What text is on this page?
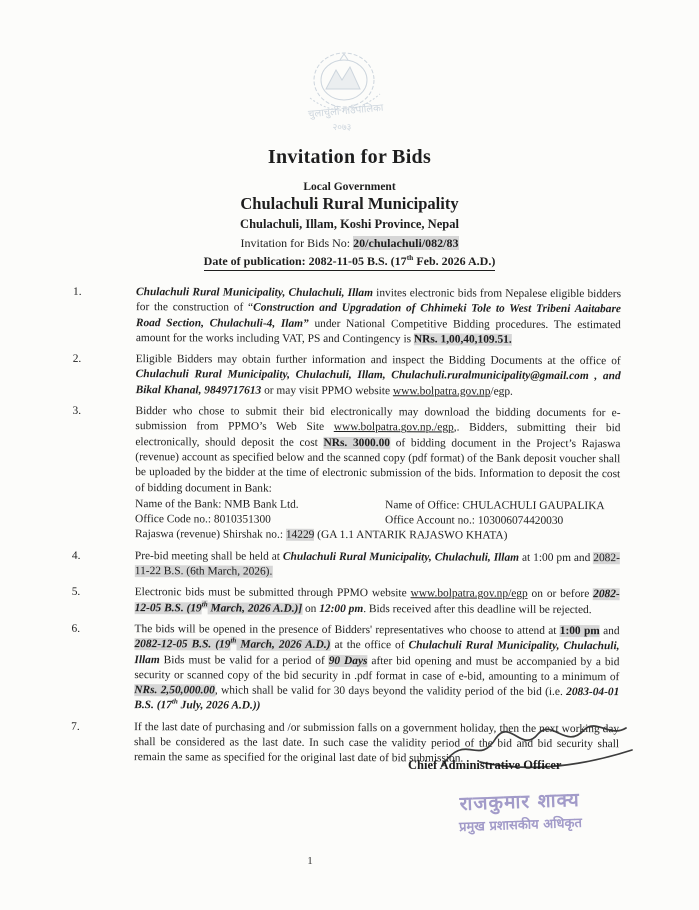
चुलाचुली गाउँपालिका
२०७३
Invitation for Bids
Local Government
Chulachuli Rural Municipality
Chulachuli, Illam, Koshi Province, Nepal
Invitation for Bids No: 20/chulachuli/082/83
Date of publication: 2082-11-05 B.S. (17th Feb. 2026 A.D.)
1.	Chulachuli Rural Municipality, Chulachuli, Illam invites electronic bids from Nepalese eligible bidders for the construction of “Construction and Upgradation of Chhimeki Tole to West Tribeni Aaitabare Road Section, Chulachuli-4, Ilam” under National Competitive Bidding procedures. The estimated amount for the works including VAT, PS and Contingency is NRs. 1,00,40,109.51.
2.	Eligible Bidders may obtain further information and inspect the Bidding Documents at the office of Chulachuli Rural Municipality, Chulachuli, Illam, Chulachuli.ruralmunicipality@gmail.com , and Bikal Khanal, 9849717613 or may visit PPMO website www.bolpatra.gov.np/egp.
3.	Bidder who chose to submit their bid electronically may download the bidding documents for e-submission from PPMO’s Web Site www.bolpatra.gov.np./egp,. Bidders, submitting their bid electronically, should deposit the cost NRs. 3000.00 of bidding document in the Project’s Rajaswa (revenue) account as specified below and the scanned copy (pdf format) of the Bank deposit voucher shall be uploaded by the bidder at the time of electronic submission of the bids. Information to deposit the cost of bidding document in Bank:
Name of the Bank: NMB Bank Ltd.	Name of Office: CHULACHULI GAUPALIKA
Office Code no.: 8010351300	Office Account no.: 103006074420030
Rajaswa (revenue) Shirshak no.: 14229 (GA 1.1 ANTARIK RAJASWO KHATA)
4.	Pre-bid meeting shall be held at Chulachuli Rural Municipality, Chulachuli, Illam at 1:00 pm and 2082-11-22 B.S. (6th March, 2026).
5.	Electronic bids must be submitted through PPMO website www.bolpatra.gov.np/egp on or before 2082-12-05 B.S. (19th March, 2026 A.D.)] on 12:00 pm. Bids received after this deadline will be rejected.
6.	The bids will be opened in the presence of Bidders' representatives who choose to attend at 1:00 pm and 2082-12-05 B.S. (19th March, 2026 A.D.) at the office of Chulachuli Rural Municipality, Chulachuli, Illam Bids must be valid for a period of 90 Days after bid opening and must be accompanied by a bid security or scanned copy of the bid security in .pdf format in case of e-bid, amounting to a minimum of NRs. 2,50,000.00, which shall be valid for 30 days beyond the validity period of the bid (i.e. 2083-04-01 B.S. (17th July, 2026 A.D.))
7.	If the last date of purchasing and /or submission falls on a government holiday, then the next working day shall be considered as the last date. In such case the validity period of the bid and bid security shall remain the same as specified for the original last date of bid submission.
Chief Administrative Officer
राजकुमार शाक्य
प्रमुख प्रशासकीय अधिकृत
1
